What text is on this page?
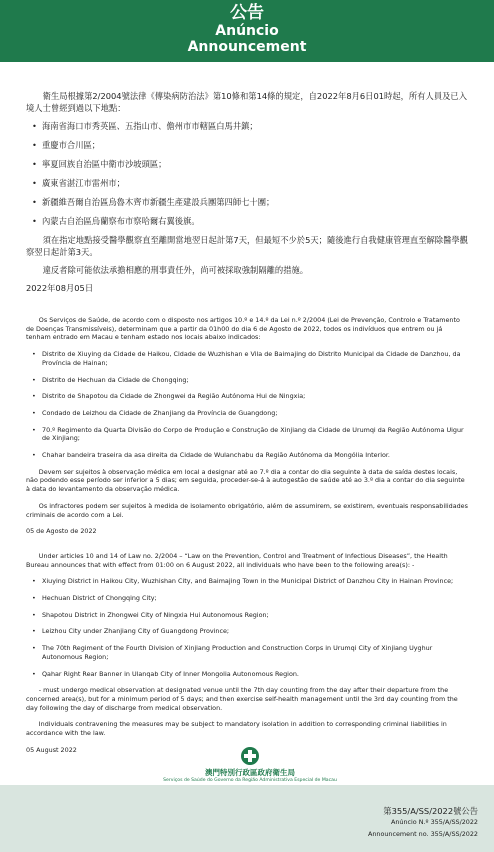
公告
Anúncio
Announcement

衛生局根據第2/2004號法律《傳染病防治法》第10條和第14條的規定，自2022年8月6日01時起，所有人員及已入境人士曾經到過以下地點：

• 海南省海口市秀英區、五指山市、儋州市市轄區白馬井鎮；
• 重慶市合川區；
• 寧夏回族自治區中衛市沙坡頭區；
• 廣東省湛江市雷州市；
• 新疆維吾爾自治區烏魯木齊市新疆生產建設兵團第四師七十團；
• 內蒙古自治區烏蘭察布市察哈爾右翼後旗。

須在指定地點接受醫學觀察直至離開當地翌日起計第7天，但最短不少於5天；隨後進行自我健康管理直至解除醫學觀察翌日起計第3天。

違反者除可能依法承擔相應的刑事責任外，尚可被採取強制隔離的措施。

2022年08月05日

Os Serviços de Saúde, de acordo com o disposto nos artigos 10.º e 14.º da Lei n.º 2/2004 (Lei de Prevenção, Controlo e Tratamento de Doenças Transmissíveis), determinam que a partir da 01h00 do dia 6 de Agosto de 2022, todos os indivíduos que entrem ou já tenham entrado em Macau e tenham estado nos locais abaixo indicados:

• Distrito de Xiuying da Cidade de Haikou, Cidade de Wuzhishan e Vila de Baimajing do Distrito Municipal da Cidade de Danzhou, da Província de Hainan;
• Distrito de Hechuan da Cidade de Chongqing;
• Distrito de Shapotou da Cidade de Zhongwei da Região Autónoma Hui de Ningxia;
• Condado de Leizhou da Cidade de Zhanjiang da Província de Guangdong;
• 70.º Regimento da Quarta Divisão do Corpo de Produção e Construção de Xinjiang da Cidade de Urumqi da Região Autónoma Uigur de Xinjiang;
• Chahar bandeira traseira da asa direita da Cidade de Wulanchabu da Região Autónoma da Mongólia Interior.

Devem ser sujeitos à observação médica em local a designar até ao 7.º dia a contar do dia seguinte à data de saída destes locais, não podendo esse período ser inferior a 5 dias; em seguida, proceder-se-á à autogestão de saúde até ao 3.º dia a contar do dia seguinte à data do levantamento da observação médica.

Os infractores podem ser sujeitos à medida de isolamento obrigatório, além de assumirem, se existirem, eventuais responsabilidades criminais de acordo com a Lei.

05 de Agosto de 2022

Under articles 10 and 14 of Law no. 2/2004 – “Law on the Prevention, Control and Treatment of Infectious Diseases”, the Health Bureau announces that with effect from 01:00 on 6 August 2022, all individuals who have been to the following area(s): -

• Xiuying District in Haikou City, Wuzhishan City, and Baimajing Town in the Municipal District of Danzhou City in Hainan Province;
• Hechuan District of Chongqing City;
• Shapotou District in Zhongwei City of Ningxia Hui Autonomous Region;
• Leizhou City under Zhanjiang City of Guangdong Province;
• The 70th Regiment of the Fourth Division of Xinjiang Production and Construction Corps in Urumqi City of Xinjiang Uyghur Autonomous Region;
• Qahar Right Rear Banner in Ulanqab City of Inner Mongolia Autonomous Region.

- must undergo medical observation at designated venue until the 7th day counting from the day after their departure from the concerned area(s), but for a minimum period of 5 days; and then exercise self-health management until the 3rd day counting from the day following the day of discharge from medical observation.

Individuals contravening the measures may be subject to mandatory isolation in addition to corresponding criminal liabilities in accordance with the law.

05 August 2022

澳門特別行政區政府衛生局
Serviços de Saúde do Governo da Região Administrativa Especial de Macau
第355/A/SS/2022號公告
Anúncio N.º 355/A/SS/2022
Announcement no. 355/A/SS/2022
